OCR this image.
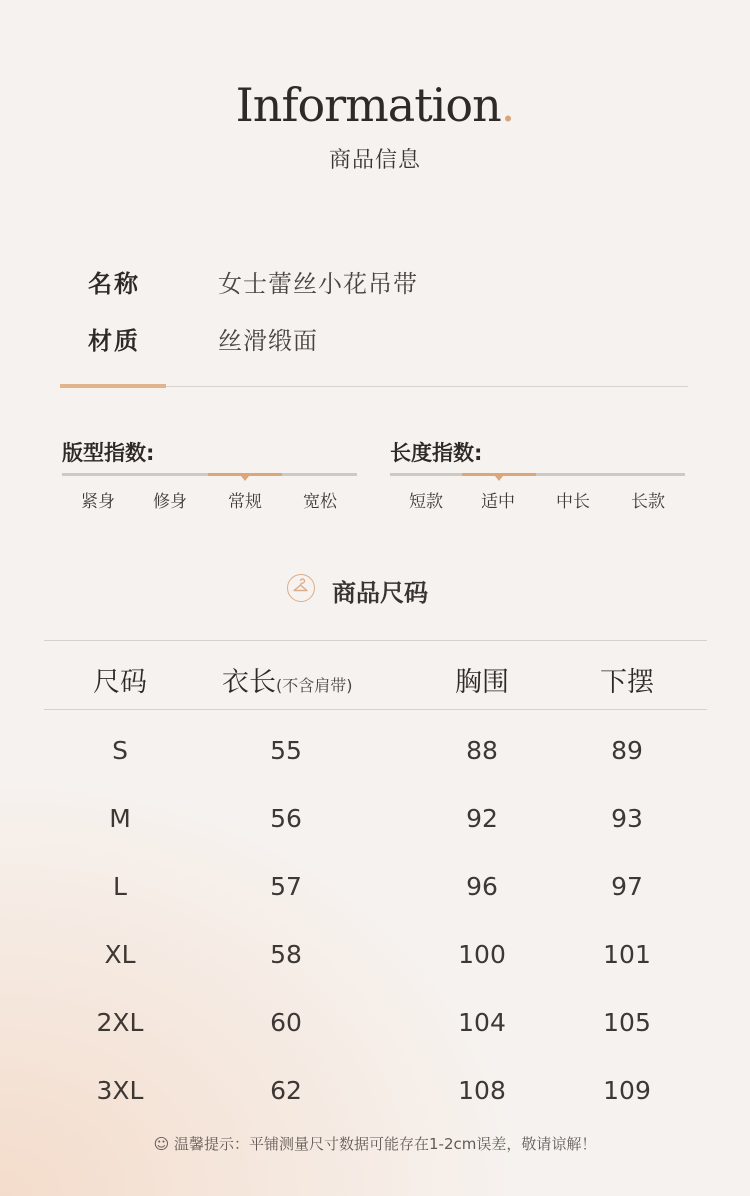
Information.
商品信息
名称	女士蕾丝小花吊带
材质	丝滑缎面
版型指数:
紧身	修身	常规	宽松
长度指数:
短款	适中	中长	长款
商品尺码
尺码	衣长(不含肩带)	胸围	下摆
S	55	88	89
M	56	92	93
L	57	96	97
XL	58	100	101
2XL	60	104	105
3XL	62	108	109
☺ 温馨提示：平铺测量尺寸数据可能存在1-2cm误差，敬请谅解！
